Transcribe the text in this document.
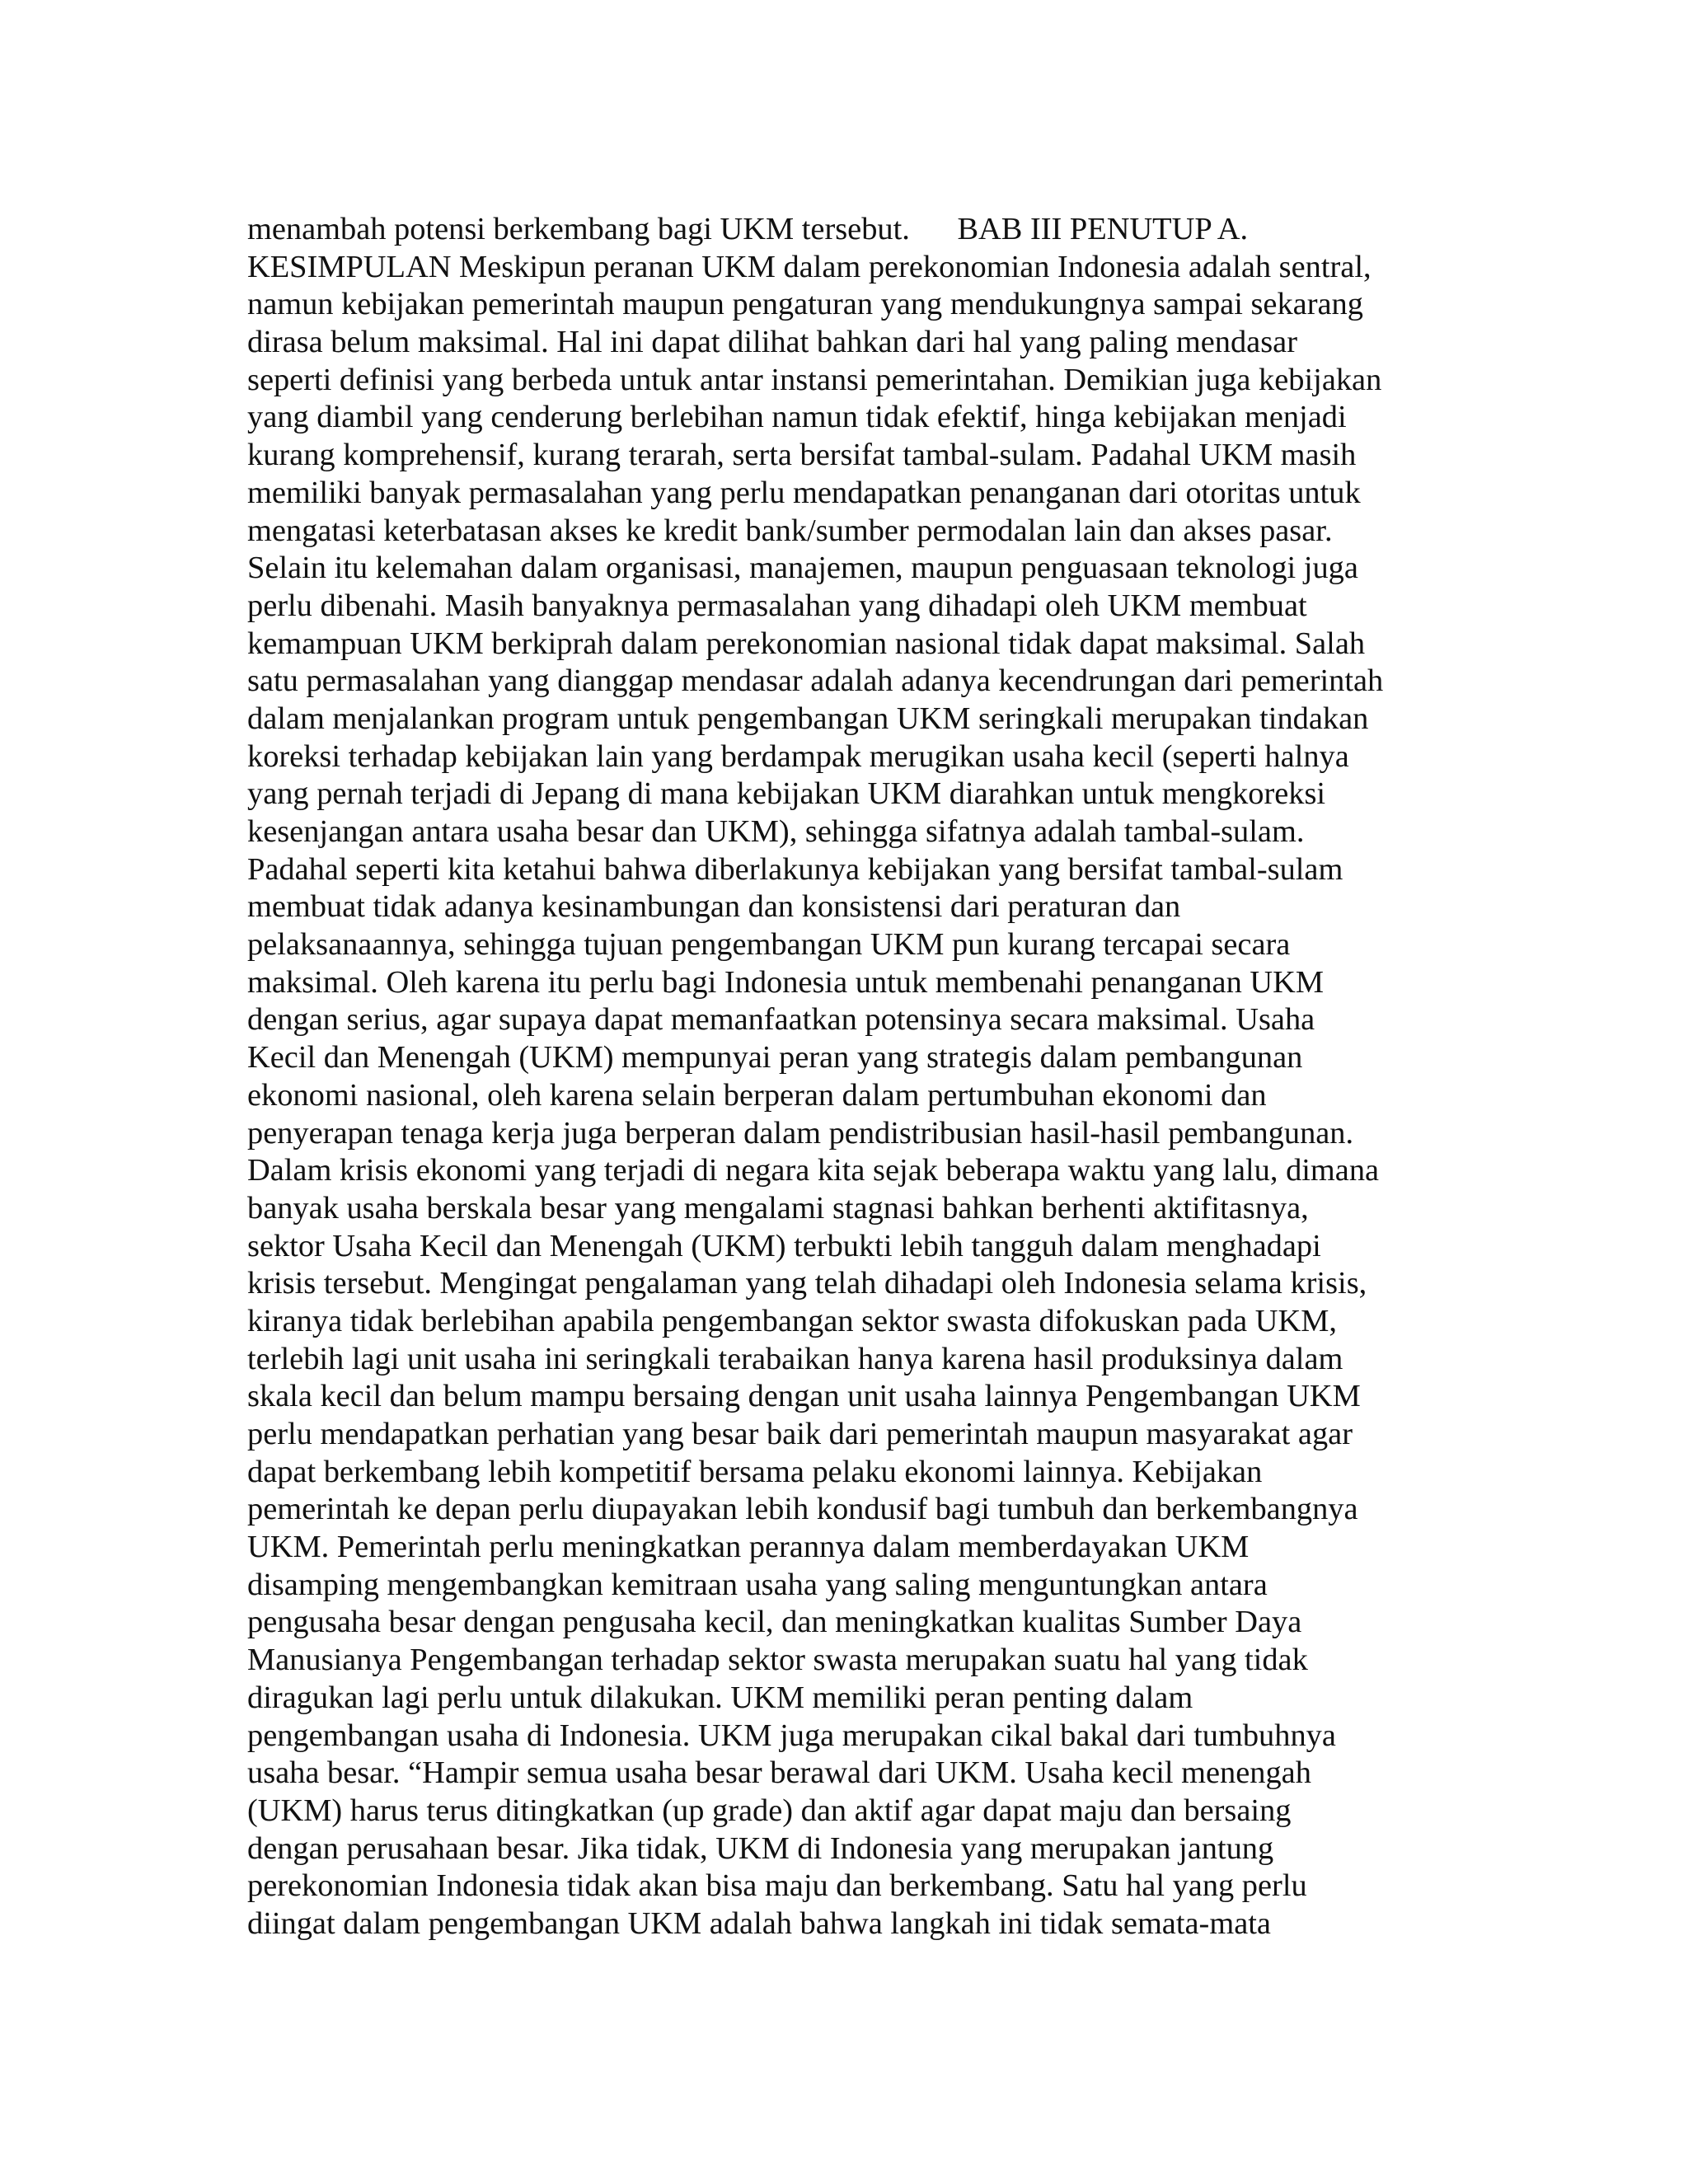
menambah potensi berkembang bagi UKM tersebut.      BAB III PENUTUP A.
KESIMPULAN Meskipun peranan UKM dalam perekonomian Indonesia adalah sentral,
namun kebijakan pemerintah maupun pengaturan yang mendukungnya sampai sekarang
dirasa belum maksimal. Hal ini dapat dilihat bahkan dari hal yang paling mendasar
seperti definisi yang berbeda untuk antar instansi pemerintahan. Demikian juga kebijakan
yang diambil yang cenderung berlebihan namun tidak efektif, hinga kebijakan menjadi
kurang komprehensif, kurang terarah, serta bersifat tambal-sulam. Padahal UKM masih
memiliki banyak permasalahan yang perlu mendapatkan penanganan dari otoritas untuk
mengatasi keterbatasan akses ke kredit bank/sumber permodalan lain dan akses pasar.
Selain itu kelemahan dalam organisasi, manajemen, maupun penguasaan teknologi juga
perlu dibenahi. Masih banyaknya permasalahan yang dihadapi oleh UKM membuat
kemampuan UKM berkiprah dalam perekonomian nasional tidak dapat maksimal. Salah
satu permasalahan yang dianggap mendasar adalah adanya kecendrungan dari pemerintah
dalam menjalankan program untuk pengembangan UKM seringkali merupakan tindakan
koreksi terhadap kebijakan lain yang berdampak merugikan usaha kecil (seperti halnya
yang pernah terjadi di Jepang di mana kebijakan UKM diarahkan untuk mengkoreksi
kesenjangan antara usaha besar dan UKM), sehingga sifatnya adalah tambal-sulam.
Padahal seperti kita ketahui bahwa diberlakunya kebijakan yang bersifat tambal-sulam
membuat tidak adanya kesinambungan dan konsistensi dari peraturan dan
pelaksanaannya, sehingga tujuan pengembangan UKM pun kurang tercapai secara
maksimal. Oleh karena itu perlu bagi Indonesia untuk membenahi penanganan UKM
dengan serius, agar supaya dapat memanfaatkan potensinya secara maksimal. Usaha
Kecil dan Menengah (UKM) mempunyai peran yang strategis dalam pembangunan
ekonomi nasional, oleh karena selain berperan dalam pertumbuhan ekonomi dan
penyerapan tenaga kerja juga berperan dalam pendistribusian hasil-hasil pembangunan.
Dalam krisis ekonomi yang terjadi di negara kita sejak beberapa waktu yang lalu, dimana
banyak usaha berskala besar yang mengalami stagnasi bahkan berhenti aktifitasnya,
sektor Usaha Kecil dan Menengah (UKM) terbukti lebih tangguh dalam menghadapi
krisis tersebut. Mengingat pengalaman yang telah dihadapi oleh Indonesia selama krisis,
kiranya tidak berlebihan apabila pengembangan sektor swasta difokuskan pada UKM,
terlebih lagi unit usaha ini seringkali terabaikan hanya karena hasil produksinya dalam
skala kecil dan belum mampu bersaing dengan unit usaha lainnya Pengembangan UKM
perlu mendapatkan perhatian yang besar baik dari pemerintah maupun masyarakat agar
dapat berkembang lebih kompetitif bersama pelaku ekonomi lainnya. Kebijakan
pemerintah ke depan perlu diupayakan lebih kondusif bagi tumbuh dan berkembangnya
UKM. Pemerintah perlu meningkatkan perannya dalam memberdayakan UKM
disamping mengembangkan kemitraan usaha yang saling menguntungkan antara
pengusaha besar dengan pengusaha kecil, dan meningkatkan kualitas Sumber Daya
Manusianya Pengembangan terhadap sektor swasta merupakan suatu hal yang tidak
diragukan lagi perlu untuk dilakukan. UKM memiliki peran penting dalam
pengembangan usaha di Indonesia. UKM juga merupakan cikal bakal dari tumbuhnya
usaha besar. “Hampir semua usaha besar berawal dari UKM. Usaha kecil menengah
(UKM) harus terus ditingkatkan (up grade) dan aktif agar dapat maju dan bersaing
dengan perusahaan besar. Jika tidak, UKM di Indonesia yang merupakan jantung
perekonomian Indonesia tidak akan bisa maju dan berkembang. Satu hal yang perlu
diingat dalam pengembangan UKM adalah bahwa langkah ini tidak semata-mata
